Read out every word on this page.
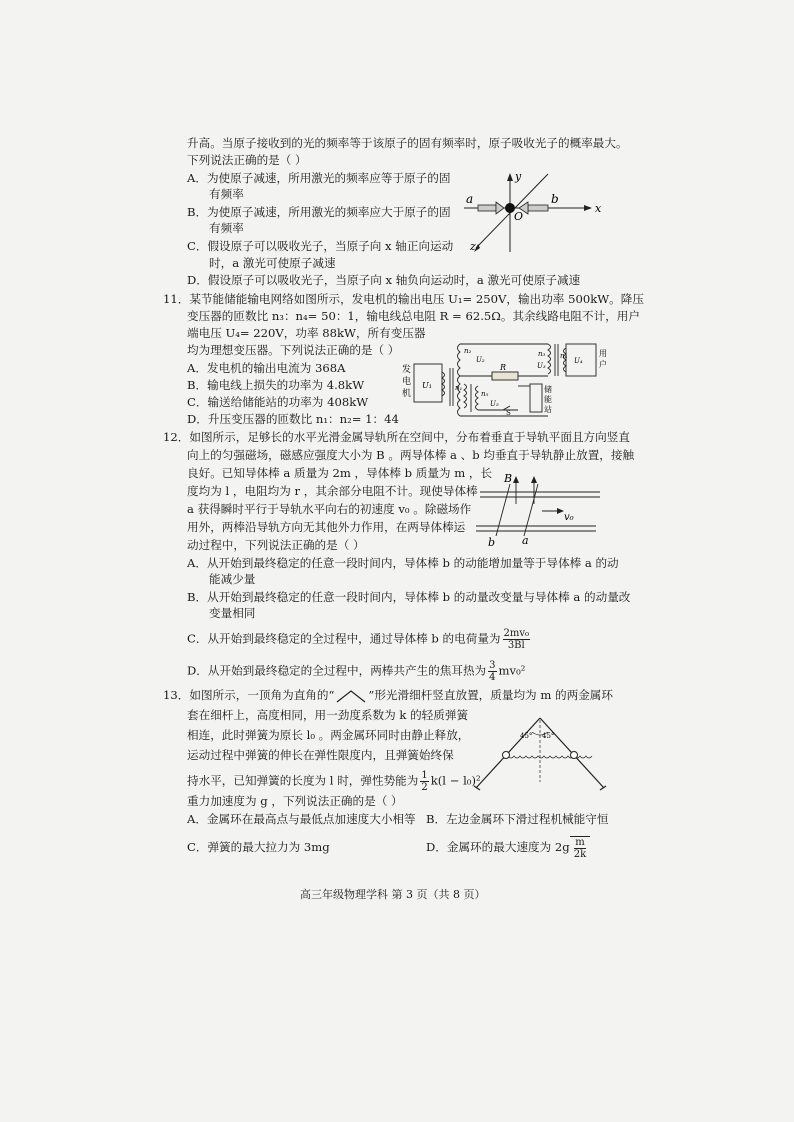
升高。当原子接收到的光的频率等于该原子的固有频率时，原子吸收光子的概率最大。
下列说法正确的是（ ）
A．为使原子减速，所用激光的频率应等于原子的固
有频率
B．为使原子减速，所用激光的频率应大于原子的固
有频率
C．假设原子可以吸收光子，当原子向 x 轴正向运动
时，a 激光可使原子减速
D．假设原子可以吸收光子，当原子向 x 轴负向运动时，a 激光可使原子减速
y
x
z
O
a	b
11．某节能储能输电网络如图所示，发电机的输出电压 U₁= 250V，输出功率 500kW。降压
变压器的匝数比 n₃：n₄= 50：1，输电线总电阻 R = 62.5Ω。其余线路电阻不计，用户
端电压 U₄= 220V，功率 88kW，所有变压器
均为理想变压器。下列说法正确的是（ ）
A．发电机的输出电流为 368A
B．输电线上损失的功率为 4.8kW
C．输送给储能站的功率为 408kW
D．升压变压器的匝数比 n₁：n₂= 1：44
发
电
机
U₁
n₂
U₂
n₁
R
n₃
U₃
n₄
U₄
用
户
n₅
U₅
S
储
能
站
12．如图所示，足够长的水平光滑金属导轨所在空间中，分布着垂直于导轨平面且方向竖直
向上的匀强磁场，磁感应强度大小为 B 。两导体棒 a 、b 均垂直于导轨静止放置，接触
良好。已知导体棒 a 质量为 2m ，导体棒 b 质量为 m ，长
度均为 l ，电阻均为 r ，其余部分电阻不计。现使导体棒
a 获得瞬时平行于导轨水平向右的初速度 v₀ 。除磁场作
用外，两棒沿导轨方向无其他外力作用，在两导体棒运
动过程中，下列说法正确的是（ ）
A．从开始到最终稳定的任意一段时间内，导体棒 b 的动能增加量等于导体棒 a 的动
能减少量
B．从开始到最终稳定的任意一段时间内，导体棒 b 的动量改变量与导体棒 a 的动量改
变量相同
C．从开始到最终稳定的全过程中，通过导体棒 b 的电荷量为 $\frac{\text{2mv₀}}{3Bl}$
D．从开始到最终稳定的全过程中，两棒共产生的焦耳热为 $\frac{3}{4} mv_0^2$
B
v₀
b a
13．如图所示，一顶角为直角的“	”形光滑细杆竖直放置，质量均为 m 的两金属环
套在细杆上，高度相同，用一劲度系数为 k 的轻质弹簧
相连，此时弹簧为原长 l₀ 。两金属环同时由静止释放，
运动过程中弹簧的伸长在弹性限度内，且弹簧始终保
持水平，已知弹簧的长度为 l 时，弹性势能为 $\frac{1}{2} k(l - l_0)^2$
重力加速度为 g ，下列说法正确的是（ ）
A．金属环在最高点与最低点加速度大小相等 B．左边金属环下滑过程机械能守恒
C．弹簧的最大拉力为 3mg	D．金属环的最大速度为 $2g \frac{m}{2k}$
45° 45°
高三年级物理学科 第 3 页（共 8 页）
